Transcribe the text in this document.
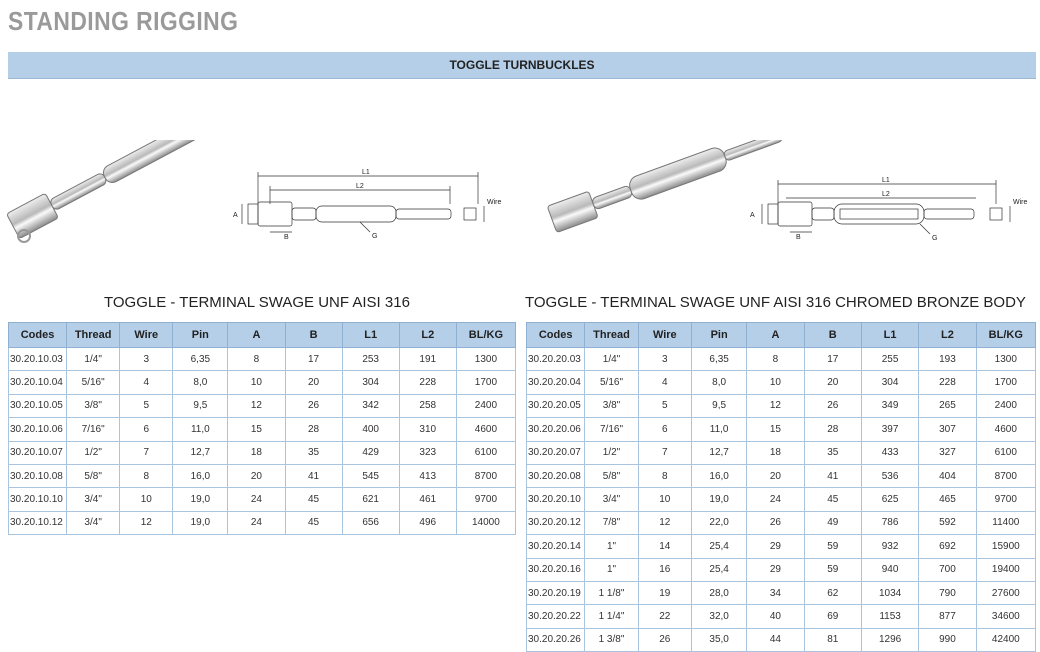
STANDING RIGGING
TOGGLE TURNBUCKLES
L1
L2
A
B	G
Wire
L1
L2
A
B	G
Wire
TOGGLE - TERMINAL SWAGE UNF AISI 316
Codes	Thread	Wire	Pin	A	B	L1	L2	BL/KG
30.20.10.03	1/4"	3	6,35	8	17	253	191	1300
30.20.10.04	5/16"	4	8,0	10	20	304	228	1700
30.20.10.05	3/8"	5	9,5	12	26	342	258	2400
30.20.10.06	7/16"	6	11,0	15	28	400	310	4600
30.20.10.07	1/2"	7	12,7	18	35	429	323	6100
30.20.10.08	5/8"	8	16,0	20	41	545	413	8700
30.20.10.10	3/4"	10	19,0	24	45	621	461	9700
30.20.10.12	3/4"	12	19,0	24	45	656	496	14000
TOGGLE - TERMINAL SWAGE UNF AISI 316 CHROMED BRONZE BODY
Codes	Thread	Wire	Pin	A	B	L1	L2	BL/KG
30.20.20.03	1/4"	3	6,35	8	17	255	193	1300
30.20.20.04	5/16"	4	8,0	10	20	304	228	1700
30.20.20.05	3/8"	5	9,5	12	26	349	265	2400
30.20.20.06	7/16"	6	11,0	15	28	397	307	4600
30.20.20.07	1/2"	7	12,7	18	35	433	327	6100
30.20.20.08	5/8"	8	16,0	20	41	536	404	8700
30.20.20.10	3/4"	10	19,0	24	45	625	465	9700
30.20.20.12	7/8"	12	22,0	26	49	786	592	11400
30.20.20.14	1"	14	25,4	29	59	932	692	15900
30.20.20.16	1"	16	25,4	29	59	940	700	19400
30.20.20.19	1 1/8"	19	28,0	34	62	1034	790	27600
30.20.20.22	1 1/4"	22	32,0	40	69	1153	877	34600
30.20.20.26	1 3/8"	26	35,0	44	81	1296	990	42400
